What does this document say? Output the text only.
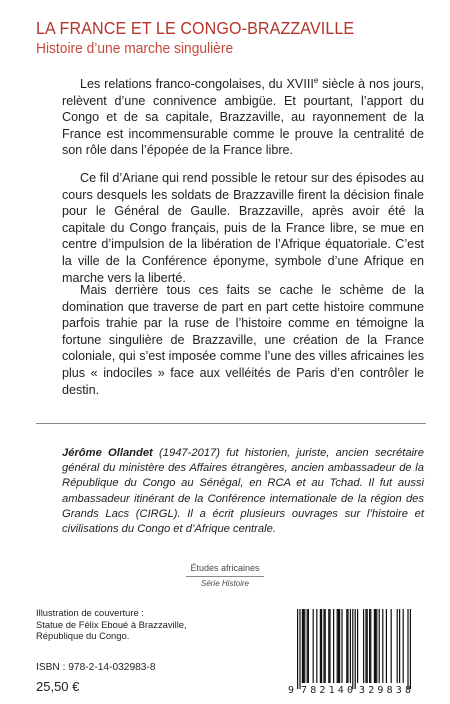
LA FRANCE ET LE CONGO-BRAZZAVILLE
Histoire d’une marche singulière

Les relations franco-congolaises, du XVIIIe siècle à nos jours, relèvent d’une connivence ambigüe. Et pourtant, l’apport du Congo et de sa capitale, Brazzaville, au rayonnement de la France est incommensurable comme le prouve la centralité de son rôle dans l’épopée de la France libre.

Ce fil d’Ariane qui rend possible le retour sur des épisodes au cours desquels les soldats de Brazzaville firent la décision finale pour le Général de Gaulle. Brazzaville, après avoir été la capitale du Congo français, puis de la France libre, se mue en centre d’impulsion de la libération de l’Afrique équatoriale. C’est la ville de la Conférence éponyme, symbole d’une Afrique en marche vers la liberté.

Mais derrière tous ces faits se cache le schème de la domination que traverse de part en part cette histoire commune parfois trahie par la ruse de l’histoire comme en témoigne la fortune singulière de Brazzaville, une création de la France coloniale, qui s’est imposée comme l’une des villes africaines les plus « indociles » face aux velléités de Paris d’en contrôler le destin.

Jérôme Ollandet (1947-2017) fut historien, juriste, ancien secrétaire général du ministère des Affaires étrangères, ancien ambassadeur de la République du Congo au Sénégal, en RCA et au Tchad. Il fut aussi ambassadeur itinérant de la Conférence internationale de la région des Grands Lacs (CIRGL). Il a écrit plusieurs ouvrages sur l’histoire et civilisations du Congo et d’Afrique centrale.

Études africaines
Série Histoire
Illustration de couverture :
Statue de Félix Eboué à Brazzaville,
République du Congo.
ISBN : 978-2-14-032983-8
25,50 €	9 782140 329838
